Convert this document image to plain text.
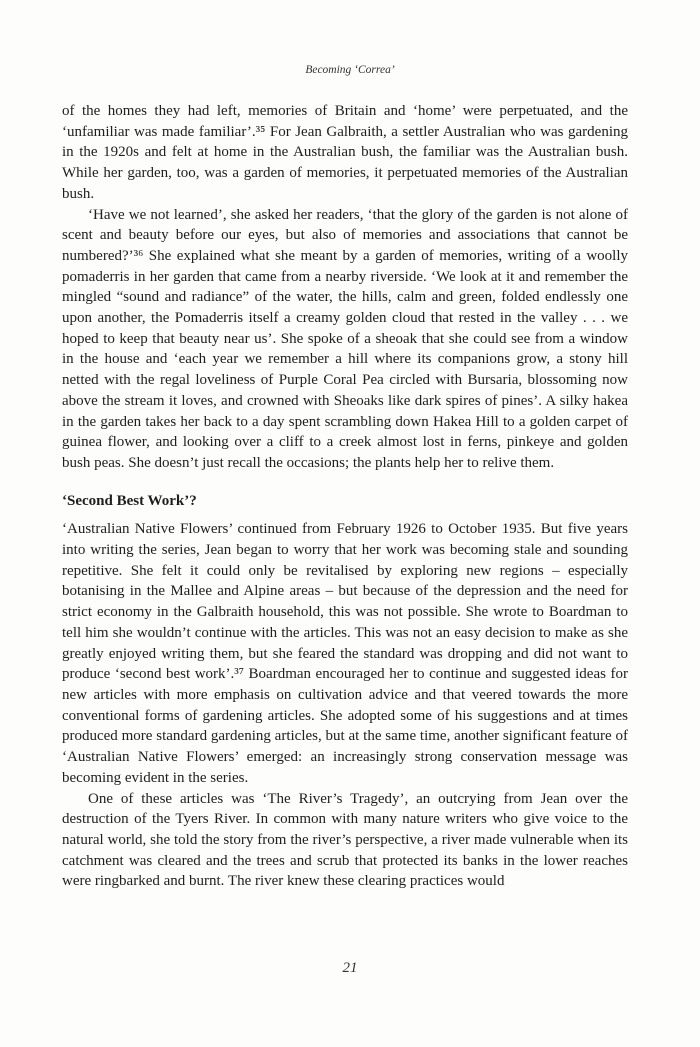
Becoming ‘Correa’

of the homes they had left, memories of Britain and ‘home’ were perpetuated, and the ‘unfamiliar was made familiar’.³⁵ For Jean Galbraith, a settler Australian who was gardening in the 1920s and felt at home in the Australian bush, the familiar was the Australian bush. While her garden, too, was a garden of memories, it perpetuated memories of the Australian bush.

‘Have we not learned’, she asked her readers, ‘that the glory of the garden is not alone of scent and beauty before our eyes, but also of memories and associations that cannot be numbered?’³⁶ She explained what she meant by a garden of memories, writing of a woolly pomaderris in her garden that came from a nearby riverside. ‘We look at it and remember the mingled “sound and radiance” of the water, the hills, calm and green, folded endlessly one upon another, the Pomaderris itself a creamy golden cloud that rested in the valley . . . we hoped to keep that beauty near us’. She spoke of a sheoak that she could see from a window in the house and ‘each year we remember a hill where its companions grow, a stony hill netted with the regal loveliness of Purple Coral Pea circled with Bursaria, blossoming now above the stream it loves, and crowned with Sheoaks like dark spires of pines’. A silky hakea in the garden takes her back to a day spent scrambling down Hakea Hill to a golden carpet of guinea flower, and looking over a cliff to a creek almost lost in ferns, pinkeye and golden bush peas. She doesn’t just recall the occasions; the plants help her to relive them.

‘Second Best Work’?

‘Australian Native Flowers’ continued from February 1926 to October 1935. But five years into writing the series, Jean began to worry that her work was becoming stale and sounding repetitive. She felt it could only be revitalised by exploring new regions – especially botanising in the Mallee and Alpine areas – but because of the depression and the need for strict economy in the Galbraith household, this was not possible. She wrote to Boardman to tell him she wouldn’t continue with the articles. This was not an easy decision to make as she greatly enjoyed writing them, but she feared the standard was dropping and did not want to produce ‘second best work’.³⁷ Boardman encouraged her to continue and suggested ideas for new articles with more emphasis on cultivation advice and that veered towards the more conventional forms of gardening articles. She adopted some of his suggestions and at times produced more standard gardening articles, but at the same time, another significant feature of ‘Australian Native Flowers’ emerged: an increasingly strong conservation message was becoming evident in the series.

One of these articles was ‘The River’s Tragedy’, an outcrying from Jean over the destruction of the Tyers River. In common with many nature writers who give voice to the natural world, she told the story from the river’s perspective, a river made vulnerable when its catchment was cleared and the trees and scrub that protected its banks in the lower reaches were ringbarked and burnt. The river knew these clearing practices would

21
